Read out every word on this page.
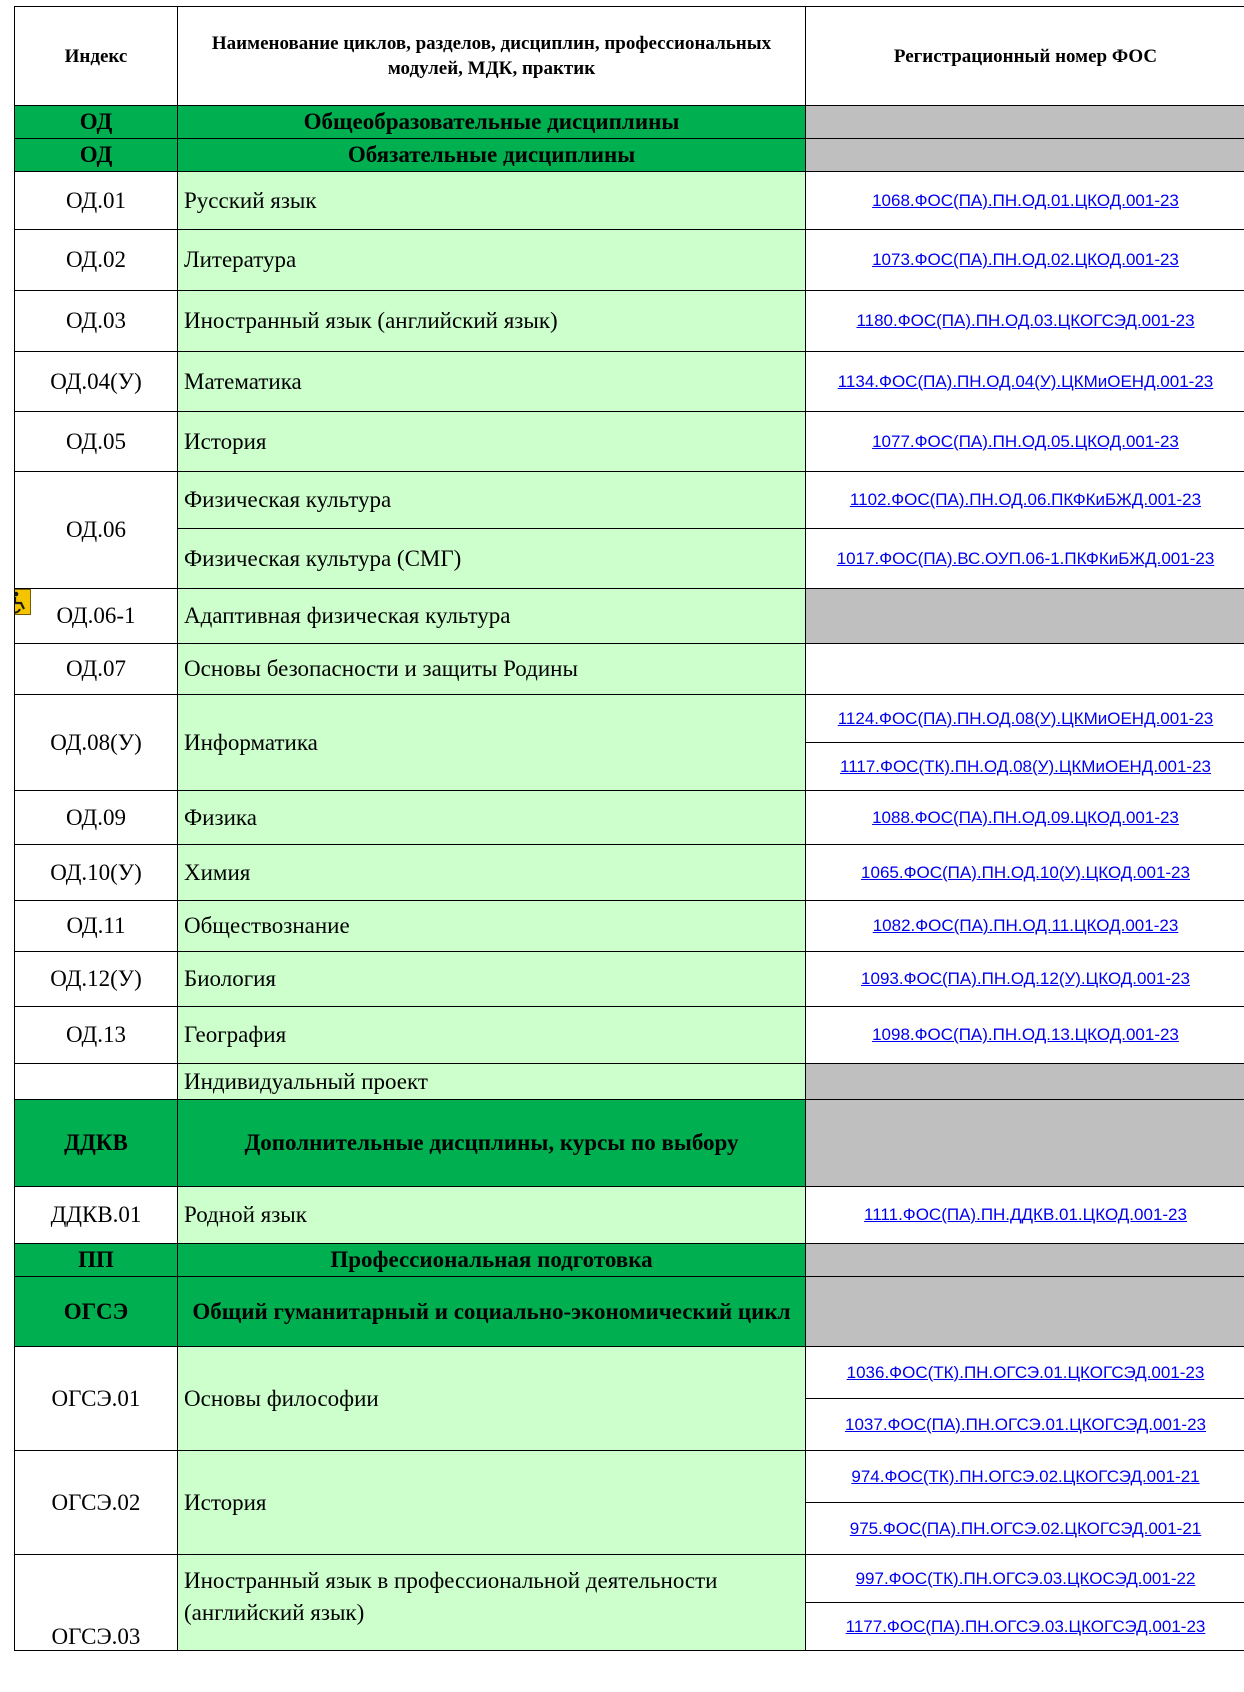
Индекс	Наименование циклов, разделов, дисциплин, профессиональных модулей, МДК, практик	Регистрационный номер ФОС
ОД	Общеобразовательные дисциплины	
ОД	Обязательные дисциплины	
ОД.01	Русский язык	1068.ФОС(ПА).ПН.ОД.01.ЦКОД.001-23
ОД.02	Литература	1073.ФОС(ПА).ПН.ОД.02.ЦКОД.001-23
ОД.03	Иностранный язык (английский язык)	1180.ФОС(ПА).ПН.ОД.03.ЦКОГСЭД.001-23
ОД.04(У)	Математика	1134.ФОС(ПА).ПН.ОД.04(У).ЦКМиОЕНД.001-23
ОД.05	История	1077.ФОС(ПА).ПН.ОД.05.ЦКОД.001-23
ОД.06	Физическая культура	1102.ФОС(ПА).ПН.ОД.06.ПКФКиБЖД.001-23
	Физическая культура (СМГ)	1017.ФОС(ПА).ВС.ОУП.06-1.ПКФКиБЖД.001-23

ОД.06-1	Адаптивная физическая культура	
ОД.07	Основы безопасности и защиты Родины	
ОД.08(У)	Информатика	1124.ФОС(ПА).ПН.ОД.08(У).ЦКМиОЕНД.001-23
		1117.ФОС(ТК).ПН.ОД.08(У).ЦКМиОЕНД.001-23
ОД.09	Физика	1088.ФОС(ПА).ПН.ОД.09.ЦКОД.001-23
ОД.10(У)	Химия	1065.ФОС(ПА).ПН.ОД.10(У).ЦКОД.001-23
ОД.11	Обществознание	1082.ФОС(ПА).ПН.ОД.11.ЦКОД.001-23
ОД.12(У)	Биология	1093.ФОС(ПА).ПН.ОД.12(У).ЦКОД.001-23
ОД.13	География	1098.ФОС(ПА).ПН.ОД.13.ЦКОД.001-23
	Индивидуальный проект	
ДДКВ	Дополнительные дисцплины, курсы по выбору	
ДДКВ.01	Родной язык	1111.ФОС(ПА).ПН.ДДКВ.01.ЦКОД.001-23
ПП	Профессиональная подготовка	
ОГСЭ	Общий гуманитарный и социально-экономический цикл	
ОГСЭ.01	Основы философии	1036.ФОС(ТК).ПН.ОГСЭ.01.ЦКОГСЭД.001-23
		1037.ФОС(ПА).ПН.ОГСЭ.01.ЦКОГСЭД.001-23
ОГСЭ.02	История	974.ФОС(ТК).ПН.ОГСЭ.02.ЦКОГСЭД.001-21
		975.ФОС(ПА).ПН.ОГСЭ.02.ЦКОГСЭД.001-21
ОГСЭ.03	Иностранный язык в профессиональной деятельности (английский язык)	997.ФОС(ТК).ПН.ОГСЭ.03.ЦКОСЭД.001-22
		1177.ФОС(ПА).ПН.ОГСЭ.03.ЦКОГСЭД.001-23
